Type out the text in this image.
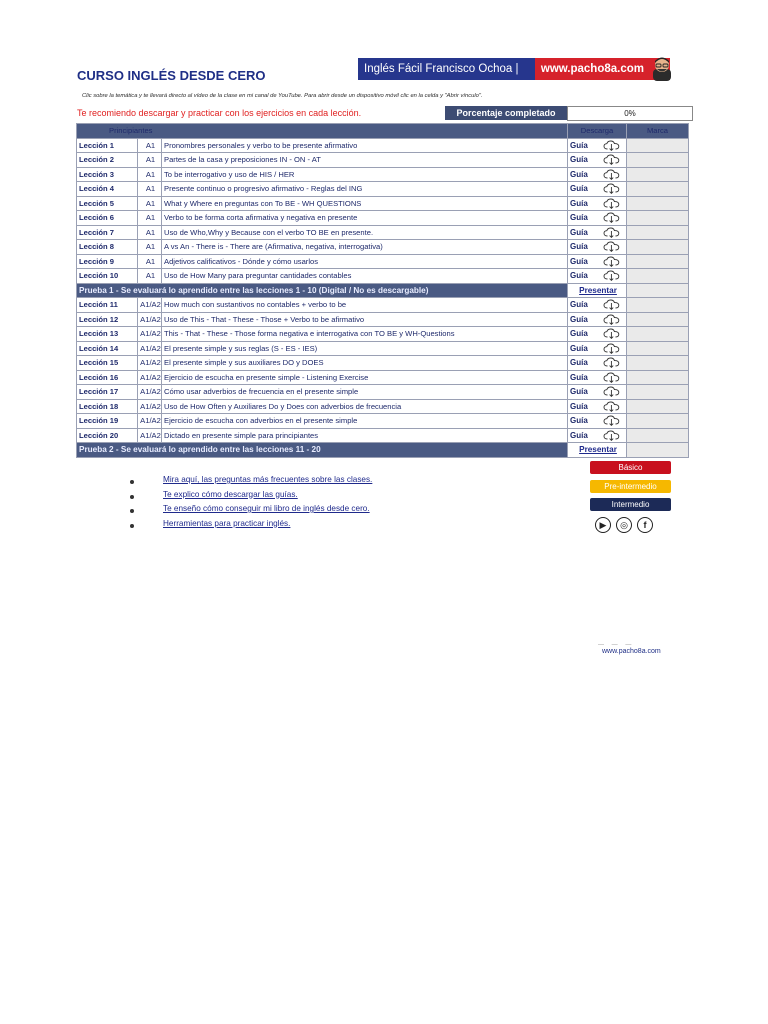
CURSO INGLÉS DESDE CERO	Inglés Fácil Francisco Ochoa |	www.pacho8a.com
Clic sobre la temática y te llevará directo al vídeo de la clase en mi canal de YouTube. Para abrir desde un dispositivo móvil clic en la celda y "Abrir vínculo".
Te recomiendo descargar y practicar con los ejercicios en cada lección.	Porcentaje completado	0%
Principiantes			Descarga	Marca
Lección 1	A1	Pronombres personales y verbo to be presente afirmativo	Guía

Lección 2	A1	Partes de la casa y preposiciones IN - ON - AT	Guía

Lección 3	A1	To be interrogativo y uso de HIS / HER	Guía

Lección 4	A1	Presente continuo o progresivo afirmativo - Reglas del ING	Guía

Lección 5	A1	What y Where en preguntas con To BE - WH QUESTIONS	Guía

Lección 6	A1	Verbo to be forma corta afirmativa y negativa en presente	Guía

Lección 7	A1	Uso de Who,Why y Because con el verbo TO BE en presente.	Guía

Lección 8	A1	A vs An - There is - There are (Afirmativa, negativa, interrogativa)	Guía

Lección 9	A1	Adjetivos calificativos - Dónde y cómo usarlos	Guía

Lección 10	A1	Uso de How Many para preguntar cantidades contables	Guía

Prueba 1 - Se evaluará lo aprendido entre las lecciones 1 - 10 (Digital / No es descargable)			Presentar	
Lección 11	A1/A2	How much con sustantivos no contables + verbo to be	Guía

Lección 12	A1/A2	Uso de This - That - These - Those + Verbo to be afirmativo	Guía

Lección 13	A1/A2	This - That - These - Those forma negativa e interrogativa con TO BE y WH-Questions	Guía

Lección 14	A1/A2	El presente simple y sus reglas (S - ES - IES)	Guía

Lección 15	A1/A2	El presente simple y sus auxiliares DO y DOES	Guía

Lección 16	A1/A2	Ejercicio de escucha en presente simple - Listening Exercise	Guía

Lección 17	A1/A2	Cómo usar adverbios de frecuencia en el presente simple	Guía

Lección 18	A1/A2	Uso de How Often y Auxiliares Do y Does con adverbios de frecuencia	Guía

Lección 19	A1/A2	Ejercicio de escucha con adverbios en el presente simple	Guía

Lección 20	A1/A2	Dictado en presente simple para principiantes	Guía

Prueba 2 - Se evaluará lo aprendido entre las lecciones 11 - 20			Presentar	
Mira aquí, las preguntas más frecuentes sobre las clases.
Te explico cómo descargar las guías.
Te enseño cómo conseguir mi libro de inglés desde cero.
Herramientas para practicar inglés.
Básico
Pre-intermedio
Intermedio
▶	◎	f
— — —
www.pacho8a.com
